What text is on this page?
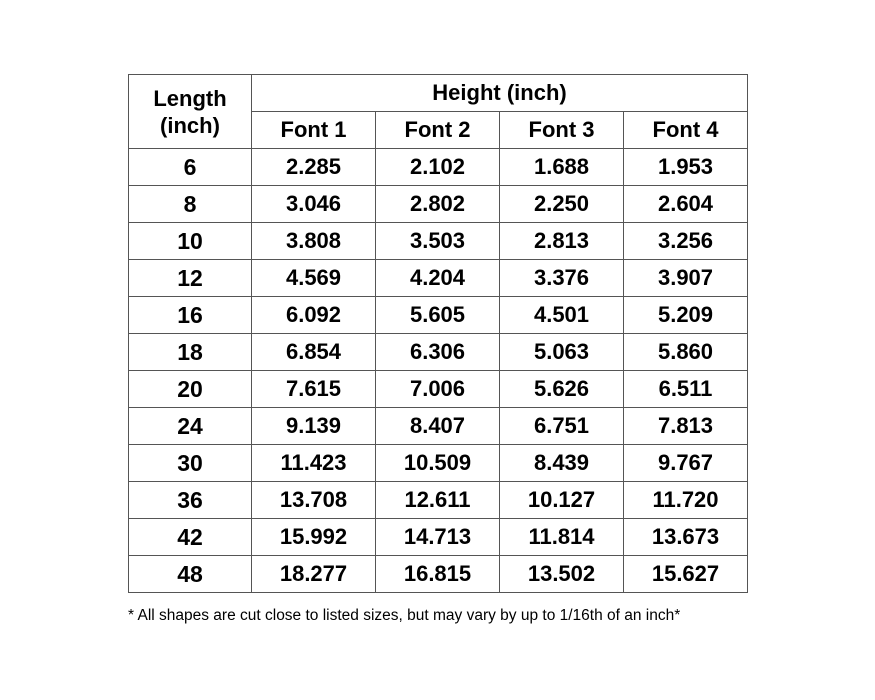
Length
(inch)	Height (inch)			
	Font 1	Font 2	Font 3	Font 4
6	2.285	2.102	1.688	1.953
8	3.046	2.802	2.250	2.604
10	3.808	3.503	2.813	3.256
12	4.569	4.204	3.376	3.907
16	6.092	5.605	4.501	5.209
18	6.854	6.306	5.063	5.860
20	7.615	7.006	5.626	6.511
24	9.139	8.407	6.751	7.813
30	11.423	10.509	8.439	9.767
36	13.708	12.611	10.127	11.720
42	15.992	14.713	11.814	13.673
48	18.277	16.815	13.502	15.627
* All shapes are cut close to listed sizes, but may vary by up to 1/16th of an inch*
